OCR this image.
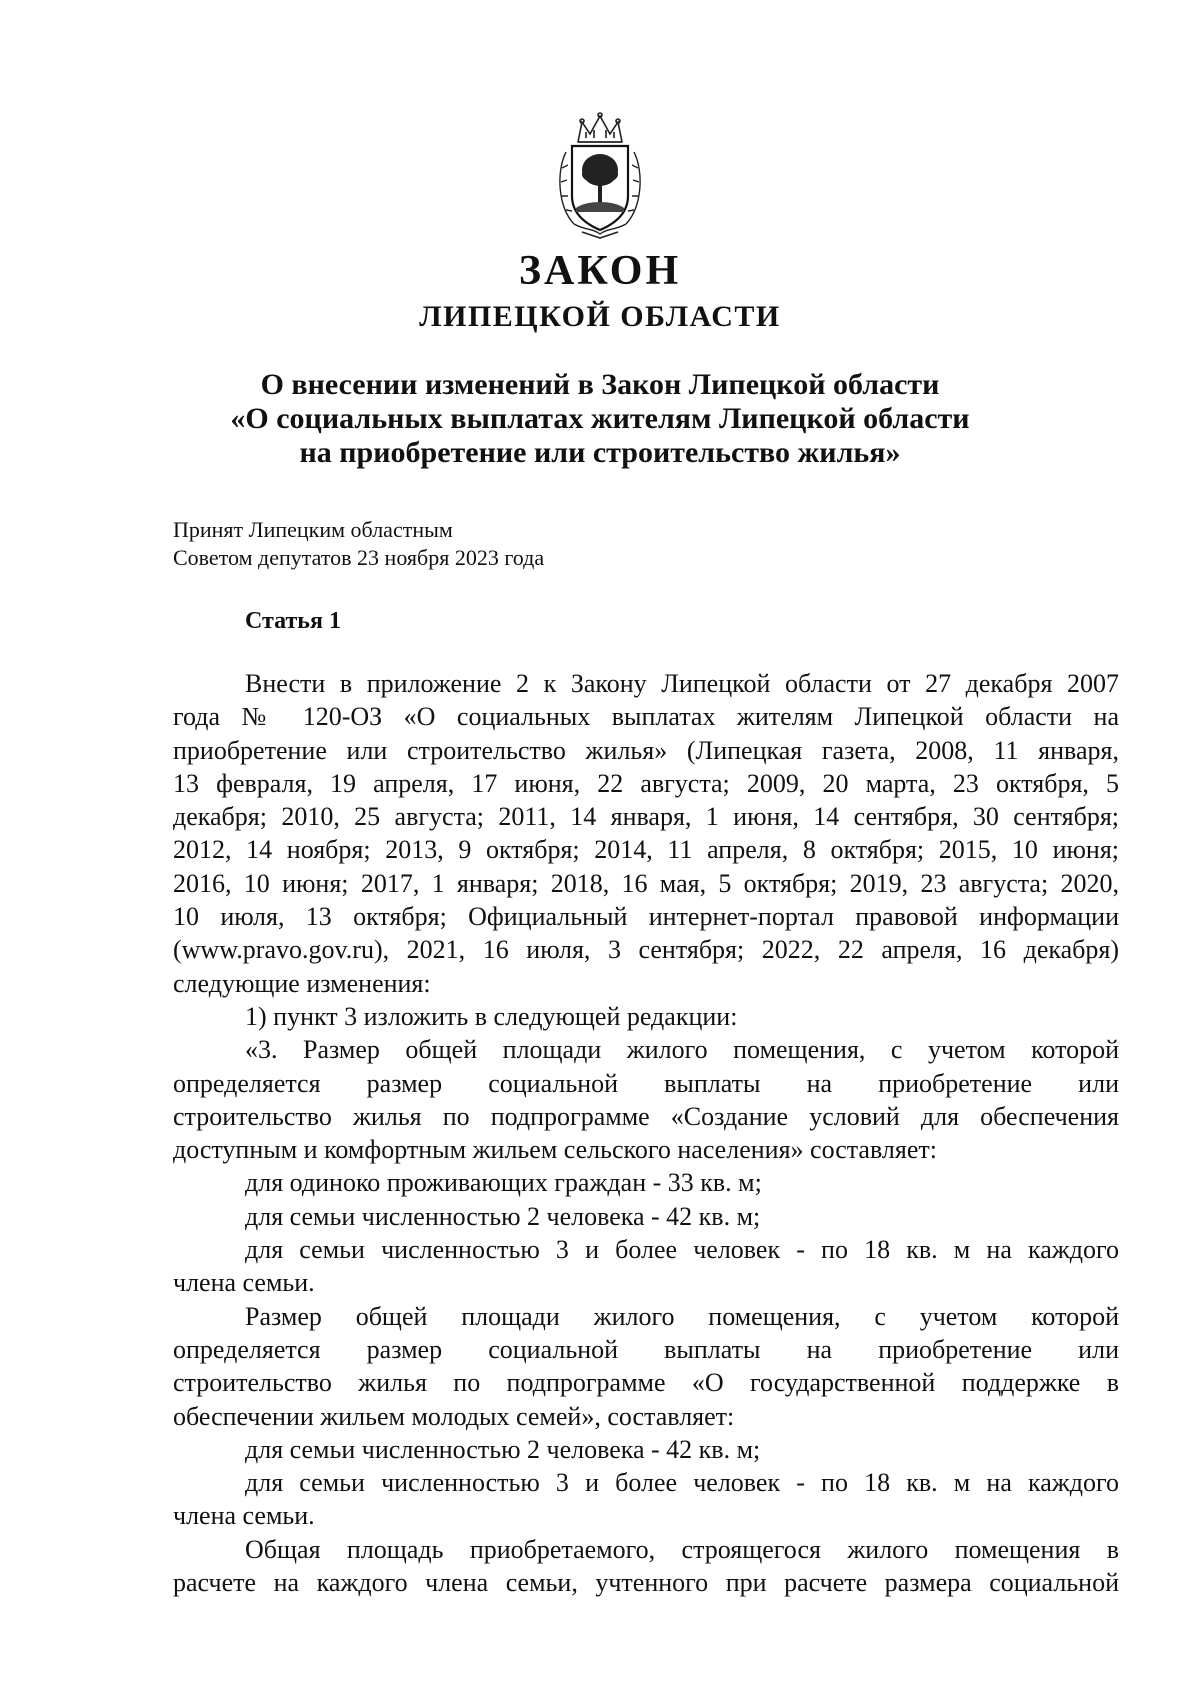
ЗАКОН
ЛИПЕЦКОЙ ОБЛАСТИ
О внесении изменений в Закон Липецкой области
«О социальных выплатах жителям Липецкой области
на приобретение или строительство жилья»
Принят Липецким областным
Советом депутатов 23 ноября 2023 года
Статья 1
Внести в приложение 2 к Закону Липецкой области от 27 декабря 2007
года № 120-ОЗ «О социальных выплатах жителям Липецкой области на
приобретение или строительство жилья» (Липецкая газета, 2008, 11 января,
13 февраля, 19 апреля, 17 июня, 22 августа; 2009, 20 марта, 23 октября, 5
декабря; 2010, 25 августа; 2011, 14 января, 1 июня, 14 сентября, 30 сентября;
2012, 14 ноября; 2013, 9 октября; 2014, 11 апреля, 8 октября; 2015, 10 июня;
2016, 10 июня; 2017, 1 января; 2018, 16 мая, 5 октября; 2019, 23 августа; 2020,
10 июля, 13 октября; Официальный интернет-портал правовой информации
(www.pravo.gov.ru), 2021, 16 июля, 3 сентября; 2022, 22 апреля, 16 декабря)
следующие изменения:
1) пункт 3 изложить в следующей редакции:
«3. Размер общей площади жилого помещения, с учетом которой
определяется размер социальной выплаты на приобретение или
строительство жилья по подпрограмме «Создание условий для обеспечения
доступным и комфортным жильем сельского населения» составляет:
для одиноко проживающих граждан - 33 кв. м;
для семьи численностью 2 человека - 42 кв. м;
для семьи численностью 3 и более человек - по 18 кв. м на каждого
члена семьи.
Размер общей площади жилого помещения, с учетом которой
определяется размер социальной выплаты на приобретение или
строительство жилья по подпрограмме «О государственной поддержке в
обеспечении жильем молодых семей», составляет:
для семьи численностью 2 человека - 42 кв. м;
для семьи численностью 3 и более человек - по 18 кв. м на каждого
члена семьи.
Общая площадь приобретаемого, строящегося жилого помещения в
расчете на каждого члена семьи, учтенного при расчете размера социальной
